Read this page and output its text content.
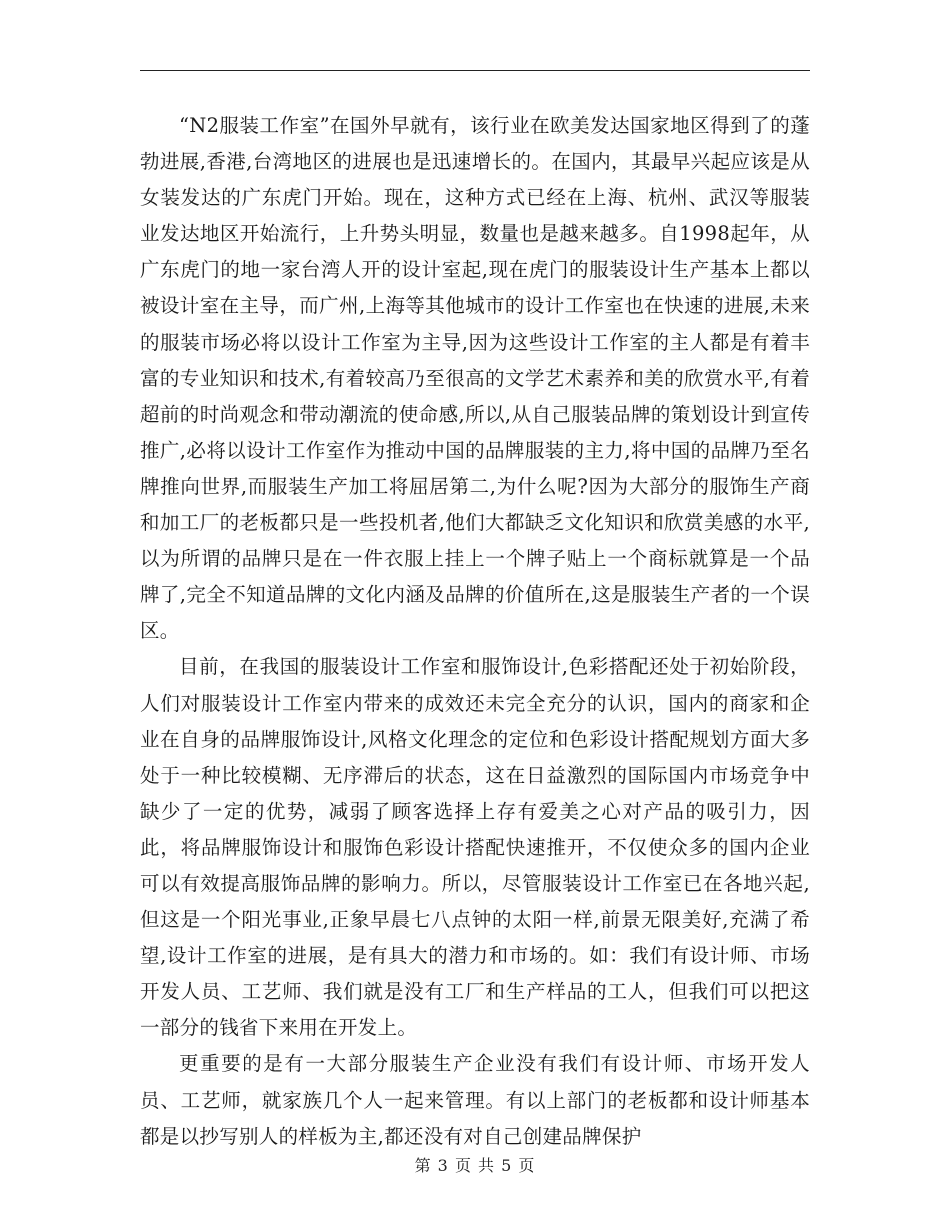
“N2服装工作室”在国外早就有，该行业在欧美发达国家地区得到了的蓬勃进展,香港,台湾地区的进展也是迅速增长的。在国内，其最早兴起应该是从女装发达的广东虎门开始。现在，这种方式已经在上海、杭州、武汉等服装业发达地区开始流行，上升势头明显，数量也是越来越多。自1998起年，从广东虎门的地一家台湾人开的设计室起,现在虎门的服装设计生产基本上都以被设计室在主导，而广州,上海等其他城市的设计工作室也在快速的进展,未来的服装市场必将以设计工作室为主导,因为这些设计工作室的主人都是有着丰富的专业知识和技术,有着较高乃至很高的文学艺术素养和美的欣赏水平,有着超前的时尚观念和带动潮流的使命感,所以,从自己服装品牌的策划设计到宣传推广,必将以设计工作室作为推动中国的品牌服装的主力,将中国的品牌乃至名牌推向世界,而服装生产加工将屈居第二,为什么呢?因为大部分的服饰生产商和加工厂的老板都只是一些投机者,他们大都缺乏文化知识和欣赏美感的水平,以为所谓的品牌只是在一件衣服上挂上一个牌子贴上一个商标就算是一个品牌了,完全不知道品牌的文化内涵及品牌的价值所在,这是服装生产者的一个误区。

目前，在我国的服装设计工作室和服饰设计,色彩搭配还处于初始阶段，人们对服装设计工作室内带来的成效还未完全充分的认识，国内的商家和企业在自身的品牌服饰设计,风格文化理念的定位和色彩设计搭配规划方面大多处于一种比较模糊、无序滞后的状态，这在日益激烈的国际国内市场竞争中缺少了一定的优势，减弱了顾客选择上存有爱美之心对产品的吸引力，因此，将品牌服饰设计和服饰色彩设计搭配快速推开，不仅使众多的国内企业可以有效提高服饰品牌的影响力。所以，尽管服装设计工作室已在各地兴起,但这是一个阳光事业,正象早晨七八点钟的太阳一样,前景无限美好,充满了希望,设计工作室的进展，是有具大的潜力和市场的。如：我们有设计师、市场开发人员、工艺师、我们就是没有工厂和生产样品的工人，但我们可以把这一部分的钱省下来用在开发上。

更重要的是有一大部分服装生产企业没有我们有设计师、市场开发人员、工艺师，就家族几个人一起来管理。有以上部门的老板都和设计师基本都是以抄写别人的样板为主,都还没有对自己创建品牌保护

第 3 页 共 5 页
